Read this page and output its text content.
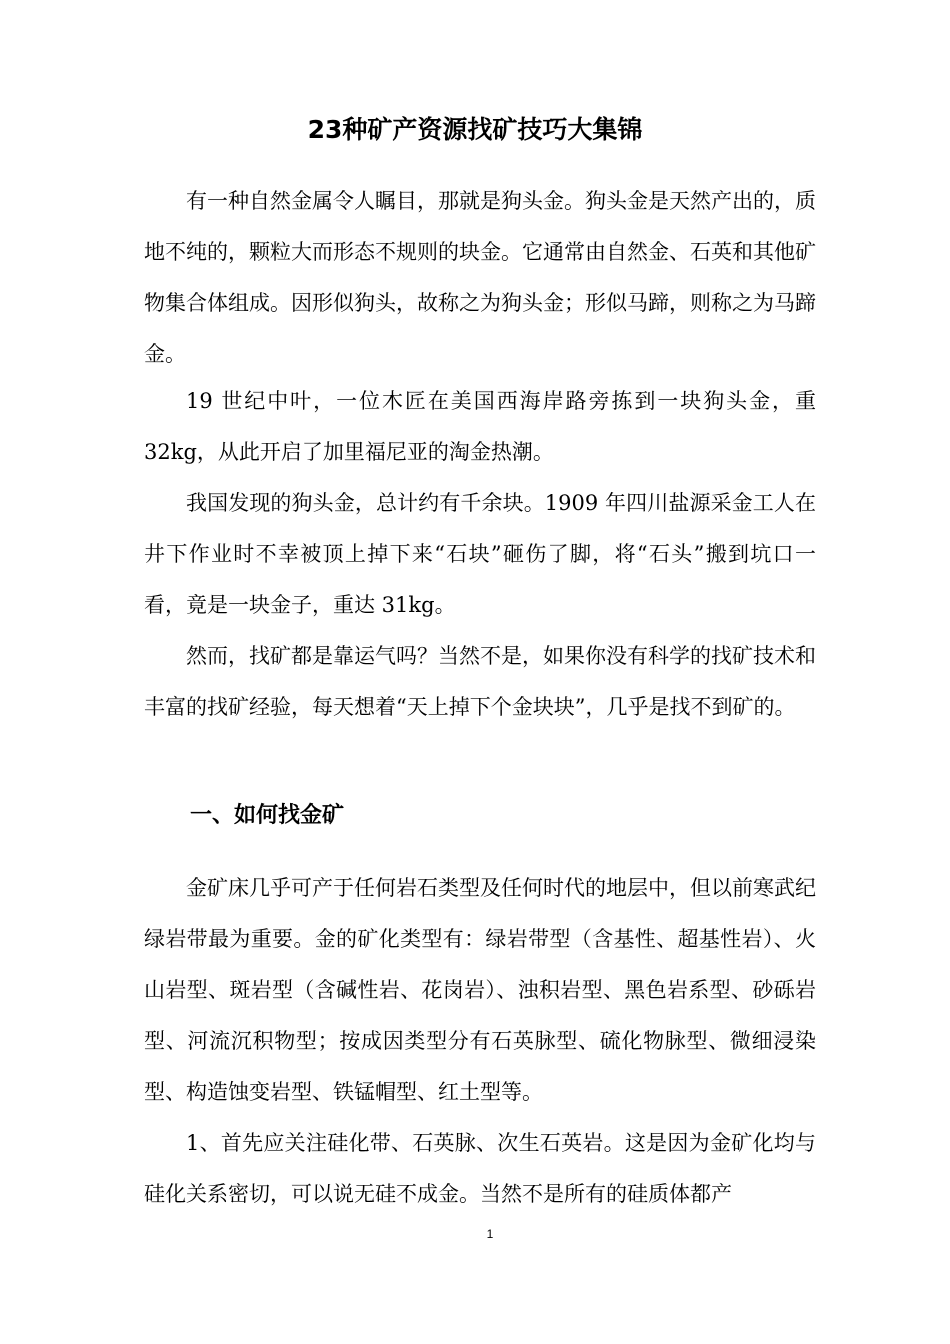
23种矿产资源找矿技巧大集锦

有一种自然金属令人瞩目，那就是狗头金。狗头金是天然产出的，质地不纯的，颗粒大而形态不规则的块金。它通常由自然金、石英和其他矿物集合体组成。因形似狗头，故称之为狗头金；形似马蹄，则称之为马蹄金。

19 世纪中叶，一位木匠在美国西海岸路旁拣到一块狗头金，重32kg，从此开启了加里福尼亚的淘金热潮。

我国发现的狗头金，总计约有千余块。1909 年四川盐源采金工人在井下作业时不幸被顶上掉下来“石块”砸伤了脚，将“石头”搬到坑口一看，竟是一块金子，重达 31kg。

然而，找矿都是靠运气吗？当然不是，如果你没有科学的找矿技术和丰富的找矿经验，每天想着“天上掉下个金块块”，几乎是找不到矿的。

一、如何找金矿

金矿床几乎可产于任何岩石类型及任何时代的地层中，但以前寒武纪绿岩带最为重要。金的矿化类型有：绿岩带型（含基性、超基性岩）、火山岩型、斑岩型（含碱性岩、花岗岩）、浊积岩型、黑色岩系型、砂砾岩型、河流沉积物型；按成因类型分有石英脉型、硫化物脉型、微细浸染型、构造蚀变岩型、铁锰帽型、红土型等。

1、首先应关注硅化带、石英脉、次生石英岩。这是因为金矿化均与硅化关系密切，可以说无硅不成金。当然不是所有的硅质体都产

1
